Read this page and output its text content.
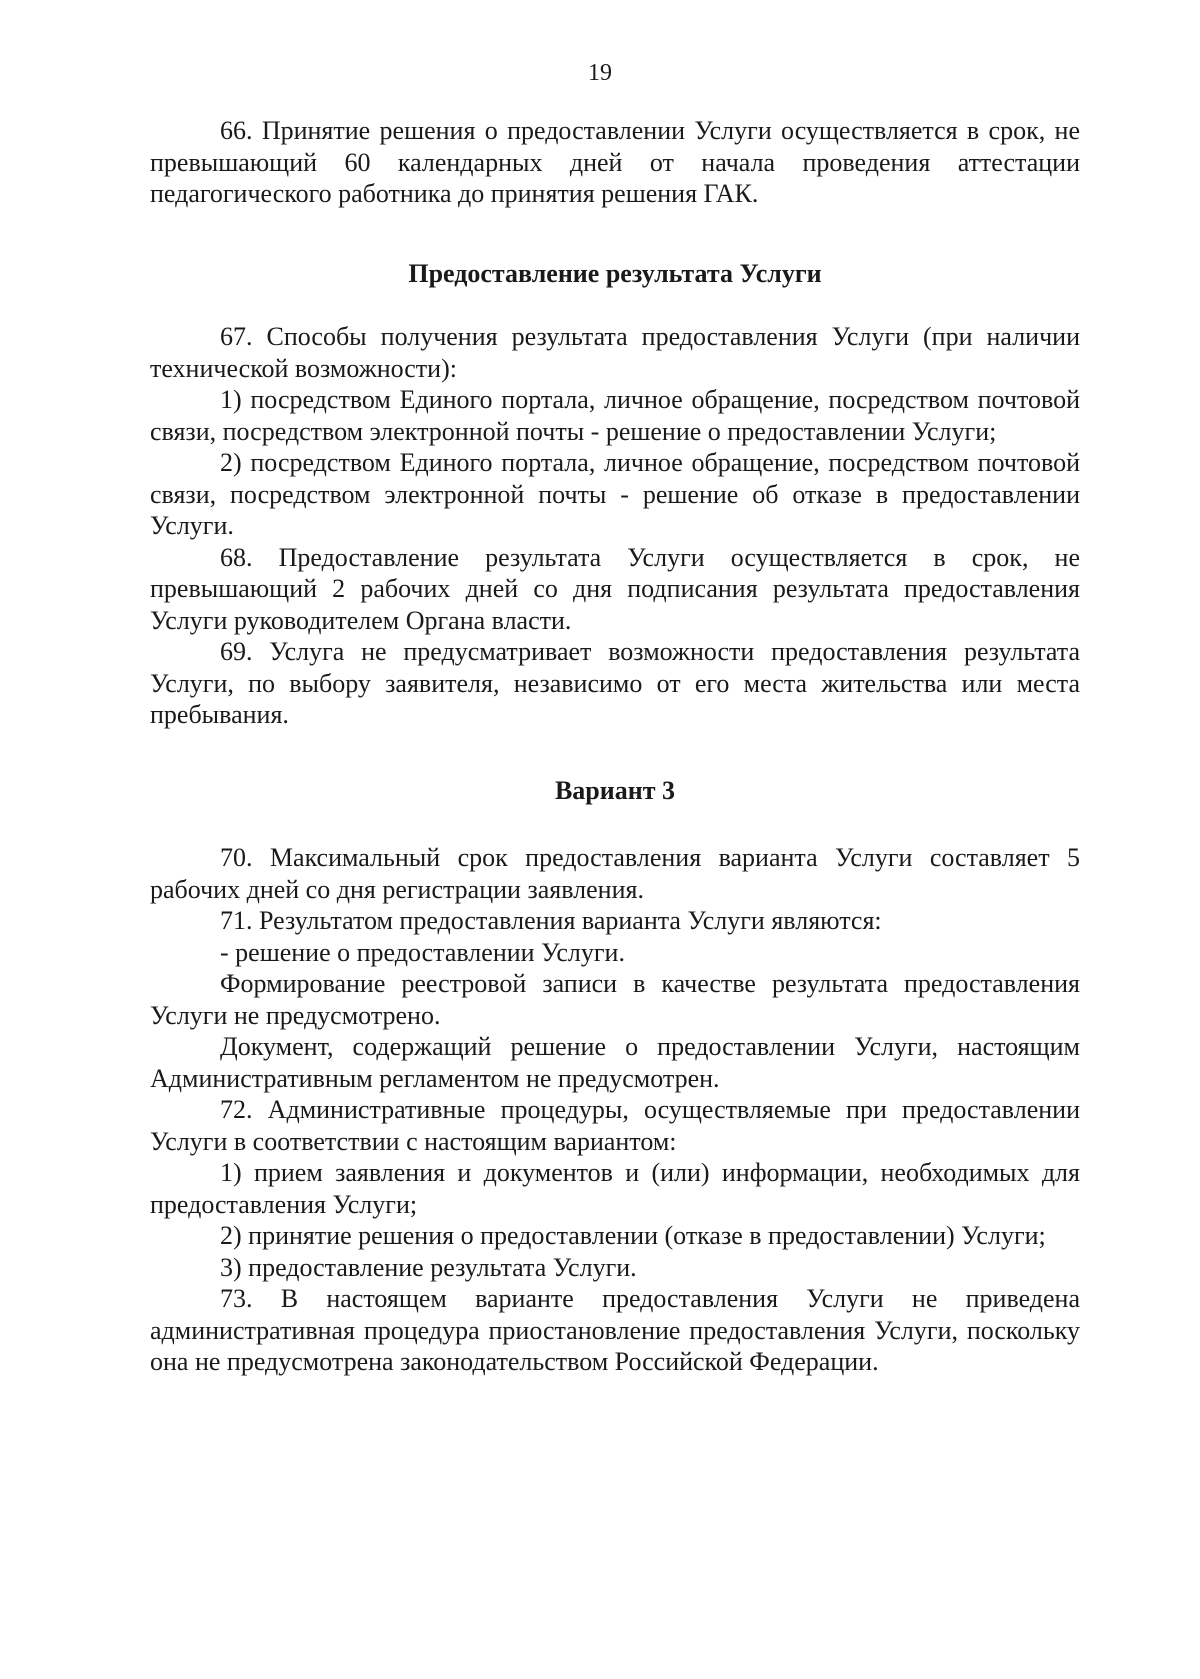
19

66. Принятие решения о предоставлении Услуги осуществляется в срок, не превышающий 60 календарных дней от начала проведения аттестации педагогического работника до принятия решения ГАК.

Предоставление результата Услуги

67. Способы получения результата предоставления Услуги (при наличии технической возможности):

1) посредством Единого портала, личное обращение, посредством почтовой связи, посредством электронной почты - решение о предоставлении Услуги;

2) посредством Единого портала, личное обращение, посредством почтовой связи, посредством электронной почты - решение об отказе в предоставлении Услуги.

68. Предоставление результата Услуги осуществляется в срок, не превышающий 2 рабочих дней со дня подписания результата предоставления Услуги руководителем Органа власти.

69. Услуга не предусматривает возможности предоставления результата Услуги, по выбору заявителя, независимо от его места жительства или места пребывания.

Вариант 3

70. Максимальный срок предоставления варианта Услуги составляет 5 рабочих дней со дня регистрации заявления.

71. Результатом предоставления варианта Услуги являются:

- решение о предоставлении Услуги.

Формирование реестровой записи в качестве результата предоставления Услуги не предусмотрено.

Документ, содержащий решение о предоставлении Услуги, настоящим Административным регламентом не предусмотрен.

72. Административные процедуры, осуществляемые при предоставлении Услуги в соответствии с настоящим вариантом:

1) прием заявления и документов и (или) информации, необходимых для предоставления Услуги;

2) принятие решения о предоставлении (отказе в предоставлении) Услуги;

3) предоставление результата Услуги.

73. В настоящем варианте предоставления Услуги не приведена административная процедура приостановление предоставления Услуги, поскольку она не предусмотрена законодательством Российской Федерации.
